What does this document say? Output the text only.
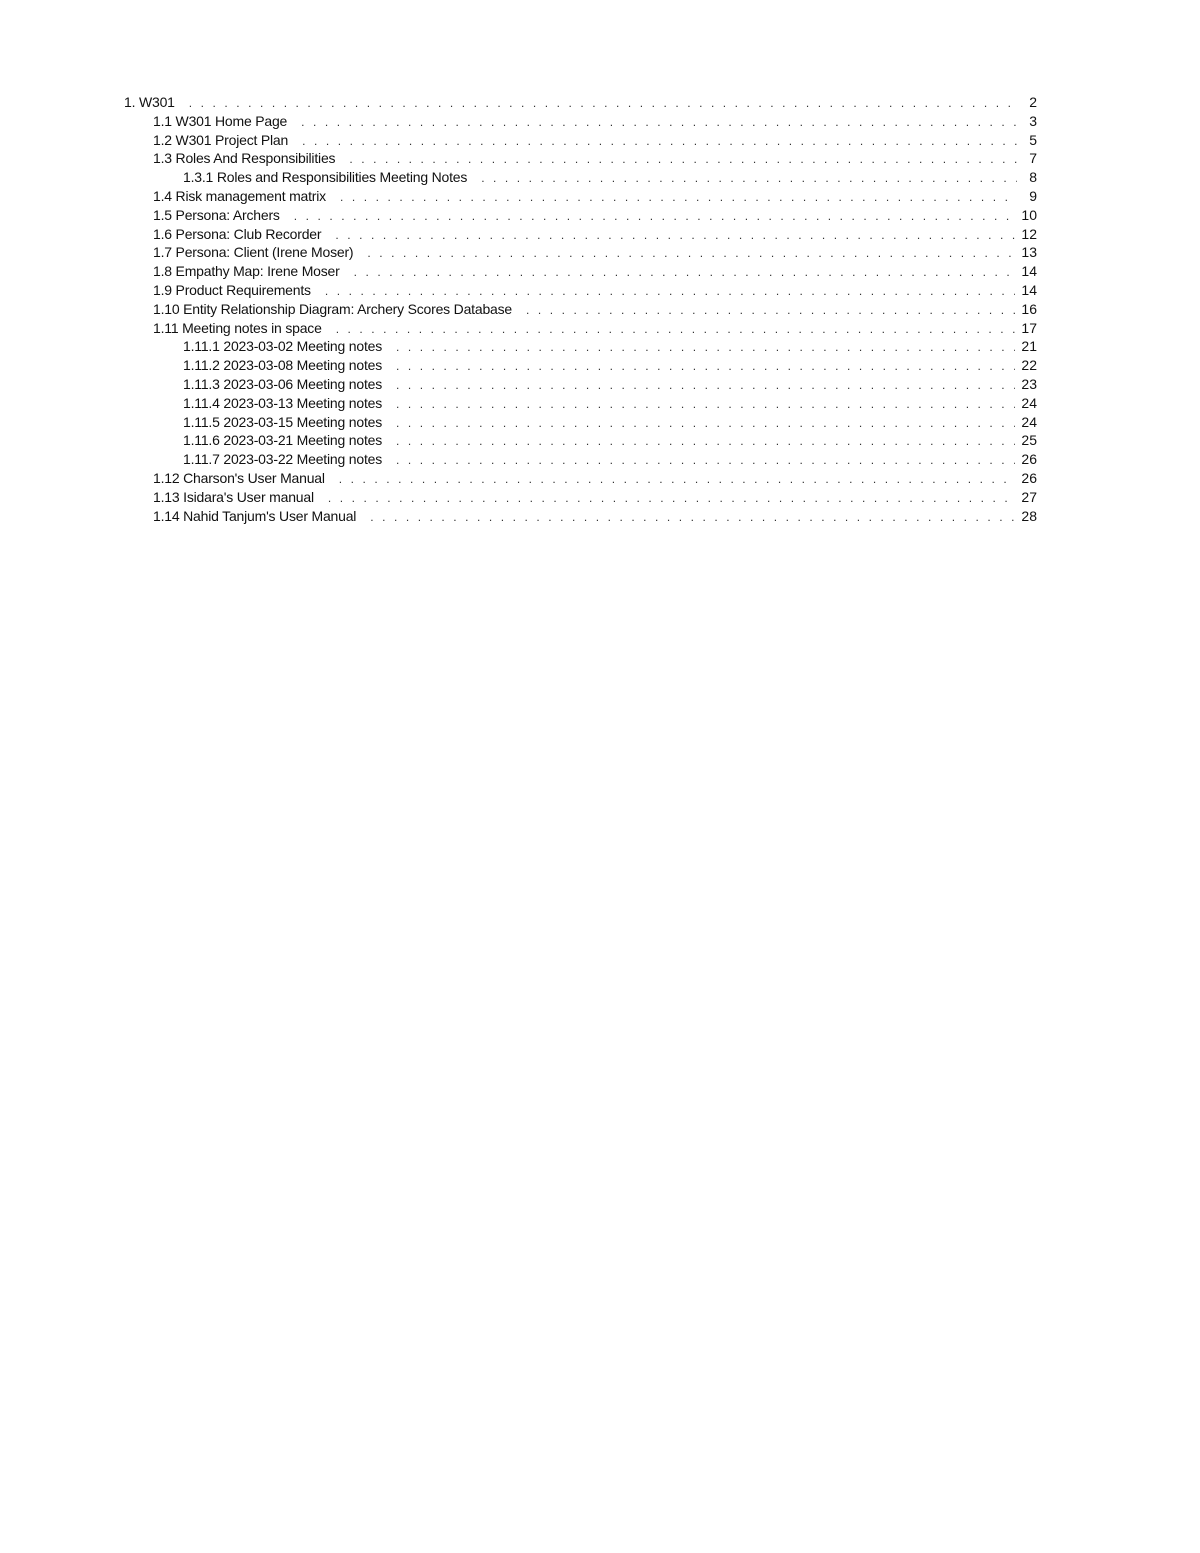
1. W301 . . .	2
1.1 W301 Home Page . . .	3
1.2 W301 Project Plan . . .	5
1.3 Roles And Responsibilities . . .	7
1.3.1 Roles and Responsibilities Meeting Notes . . .	8
1.4 Risk management matrix . . .	9
1.5 Persona: Archers . . .	10
1.6 Persona: Club Recorder . . .	12
1.7 Persona: Client (Irene Moser) . . .	13
1.8 Empathy Map: Irene Moser . . .	14
1.9 Product Requirements . . .	14
1.10 Entity Relationship Diagram: Archery Scores Database . . .	16
1.11 Meeting notes in space . . .	17
1.11.1 2023-03-02 Meeting notes . . .	21
1.11.2 2023-03-08 Meeting notes . . .	22
1.11.3 2023-03-06 Meeting notes . . .	23
1.11.4 2023-03-13 Meeting notes . . .	24
1.11.5 2023-03-15 Meeting notes . . .	24
1.11.6 2023-03-21 Meeting notes . . .	25
1.11.7 2023-03-22 Meeting notes . . .	26
1.12 Charson's User Manual . . .	26
1.13 Isidara's User manual . . .	27
1.14 Nahid Tanjum's User Manual . . .	28
